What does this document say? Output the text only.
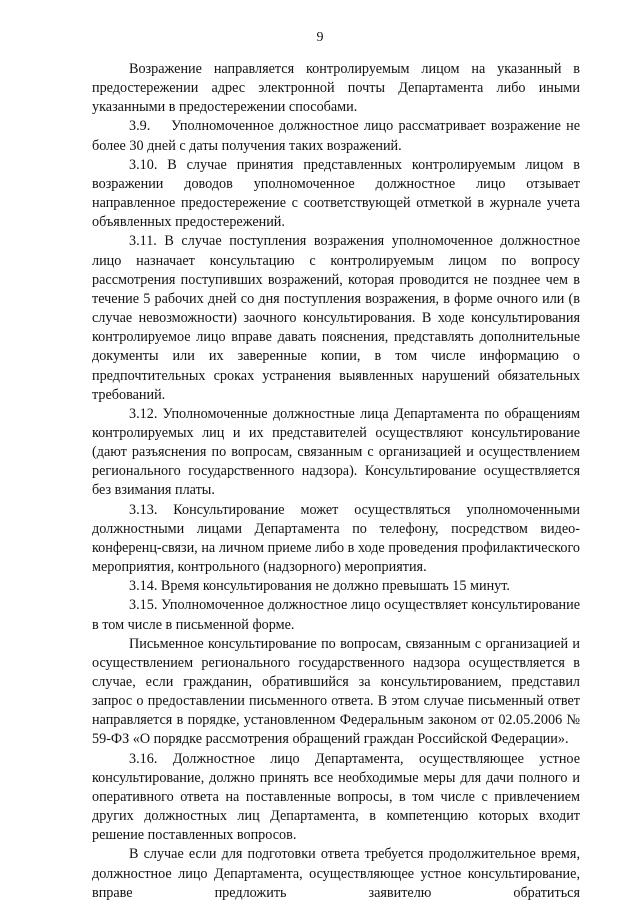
9

Возражение направляется контролируемым лицом на указанный в предостережении адрес электронной почты Департамента либо иными указанными в предостережении способами.

3.9.    Уполномоченное должностное лицо рассматривает возражение не более 30 дней с даты получения таких возражений.

3.10. В случае принятия представленных контролируемым лицом в возражении доводов уполномоченное должностное лицо отзывает направленное предостережение с соответствующей отметкой в журнале учета объявленных предостережений.

3.11. В случае поступления возражения уполномоченное должностное лицо назначает консультацию с контролируемым лицом по вопросу рассмотрения поступивших возражений, которая проводится не позднее чем в течение 5 рабочих дней со дня поступления возражения, в форме очного или (в случае невозможности) заочного консультирования. В ходе консультирования контролируемое лицо вправе давать пояснения, представлять дополнительные документы или их заверенные копии, в том числе информацию о предпочтительных сроках устранения выявленных нарушений обязательных требований.

3.12. Уполномоченные должностные лица Департамента по обращениям контролируемых лиц и их представителей осуществляют консультирование (дают разъяснения по вопросам, связанным с организацией и осуществлением регионального государственного надзора). Консультирование осуществляется без взимания платы.

3.13. Консультирование может осуществляться уполномоченными должностными лицами Департамента по телефону, посредством видео-конференц-связи, на личном приеме либо в ходе проведения профилактического мероприятия, контрольного (надзорного) мероприятия.

3.14. Время консультирования не должно превышать 15 минут.

3.15. Уполномоченное должностное лицо осуществляет консультирование в том числе в письменной форме.

Письменное консультирование по вопросам, связанным с организацией и осуществлением регионального государственного надзора осуществляется в случае, если гражданин, обратившийся за консультированием, представил запрос о предоставлении письменного ответа. В этом случае письменный ответ направляется в порядке, установленном Федеральным законом от 02.05.2006 № 59-ФЗ «О порядке рассмотрения обращений граждан Российской Федерации».

3.16. Должностное лицо Департамента, осуществляющее устное консультирование, должно принять все необходимые меры для дачи полного и оперативного ответа на поставленные вопросы, в том числе с привлечением других должностных лиц Департамента, в компетенцию которых входит решение поставленных вопросов.

В случае если для подготовки ответа требуется продолжительное время, должностное лицо Департамента, осуществляющее устное консультирование, вправе предложить заявителю обратиться
